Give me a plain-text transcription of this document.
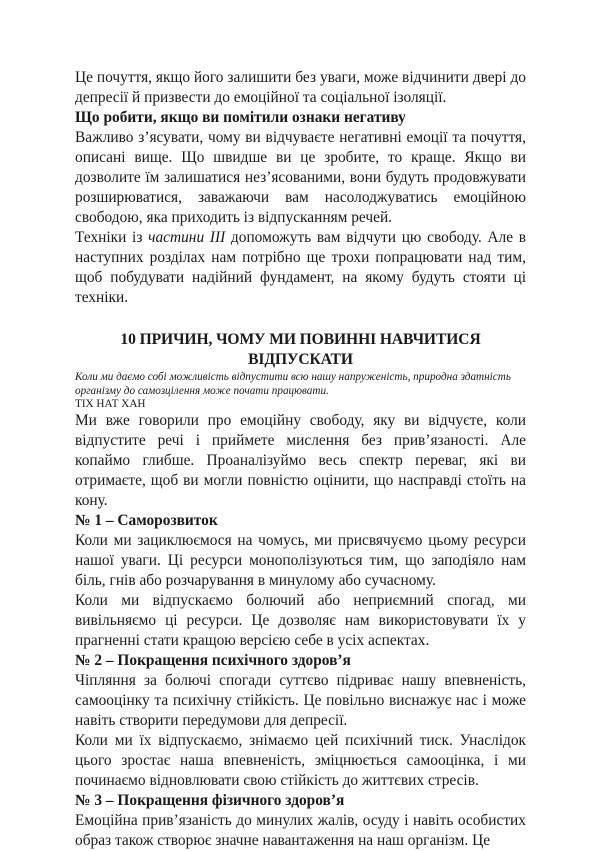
Це почуття, якщо його залишити без уваги, може відчинити двері до депресії й призвести до емоційної та соціальної ізоляції.

Що робити, якщо ви помітили ознаки негативу

Важливо з’ясувати, чому ви відчуваєте негативні емоції та почуття, описані вище. Що швидше ви це зробите, то краще. Якщо ви дозволите їм залишатися нез’ясованими, вони будуть продовжувати розширюватися, заважаючи вам насолоджуватись емоційною свободою, яка приходить із відпусканням речей.

Техніки із частини III допоможуть вам відчути цю свободу. Але в наступних розділах нам потрібно ще трохи попрацювати над тим, щоб побудувати надійний фундамент, на якому будуть стояти ці техніки.

10 ПРИЧИН, ЧОМУ МИ ПОВИННІ НАВЧИТИСЯ ВІДПУСКАТИ

Коли ми даємо собі можливість відпустити всю нашу напруженість, природна здатність

організму до самозцілення може почати працювати.

ТІХ НАТ ХАН

Ми вже говорили про емоційну свободу, яку ви відчуєте, коли відпустите речі і приймете мислення без прив’язаності. Але копаймо глибше. Проаналізуймо весь спектр переваг, які ви отримаєте, щоб ви могли повністю оцінити, що насправді стоїть на кону.

№ 1 – Саморозвиток

Коли ми зациклюємося на чомусь, ми присвячуємо цьому ресурси нашої уваги. Ці ресурси монополізуються тим, що заподіяло нам біль, гнів або розчарування в минулому або сучасному.

Коли ми відпускаємо болючий або неприємний спогад, ми вивільняємо ці ресурси. Це дозволяє нам використовувати їх у прагненні стати кращою версією себе в усіх аспектах.

№ 2 – Покращення психічного здоров’я

Чіпляння за болючі спогади суттєво підриває нашу впевненість, самооцінку та психічну стійкість. Це повільно виснажує нас і може навіть створити передумови для депресії.

Коли ми їх відпускаємо, знімаємо цей психічний тиск. Унаслідок цього зростає наша впевненість, зміцнюється самооцінка, і ми починаємо відновлювати свою стійкість до життєвих стресів.

№ 3 – Покращення фізичного здоров’я

Емоційна прив’язаність до минулих жалів, осуду і навіть особистих образ також створює значне навантаження на наш організм. Це
